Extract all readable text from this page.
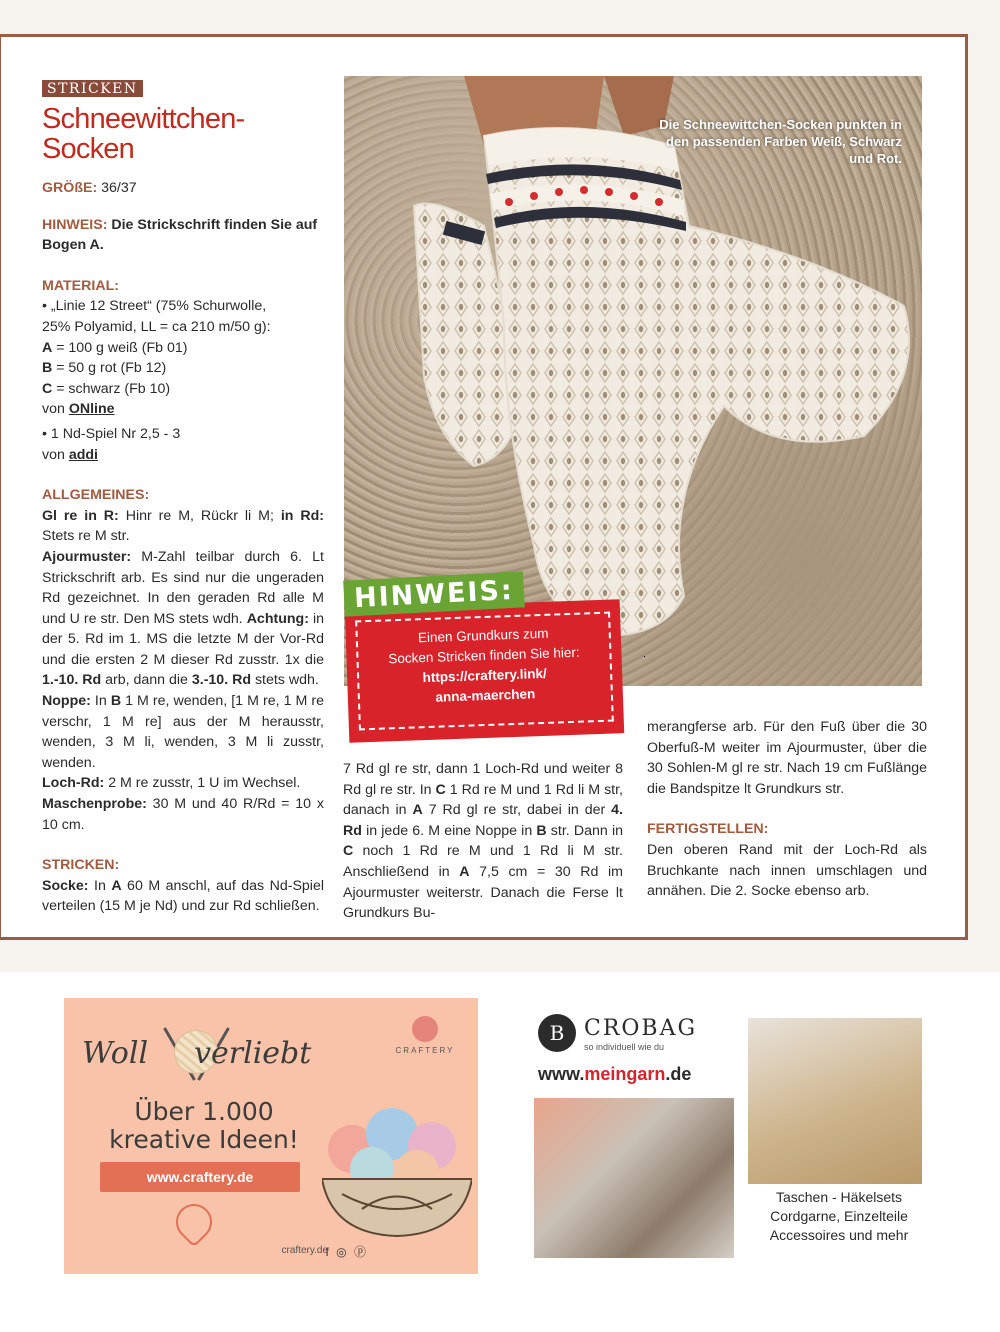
STRICKEN
Schneewittchen-
Socken

GRÖßE: 36/37

HINWEIS: Die Strickschrift finden Sie auf
Bogen A.

MATERIAL:

• „Linie 12 Street“ (75% Schurwolle,

25% Polyamid, LL = ca 210 m/50 g):

A = 100 g weiß (Fb 01)

B = 50 g rot (Fb 12)

C = schwarz (Fb 10)

von ONline

• 1 Nd-Spiel Nr 2,5 - 3

von addi

ALLGEMEINES:

Gl re in R: Hinr re M, Rückr li M; in Rd: Stets re M str.

Ajourmuster: M-Zahl teilbar durch 6. Lt Strickschrift arb. Es sind nur die ungeraden Rd gezeichnet. In den geraden Rd alle M und U re str. Den MS stets wdh. Achtung: in der 5. Rd im 1. MS die letzte M der Vor-Rd und die ersten 2 M dieser Rd zusstr. 1x die 1.-10. Rd arb, dann die 3.-10. Rd stets wdh.

Noppe: In B 1 M re, wenden, [1 M re, 1 M re verschr, 1 M re] aus der M herausstr, wenden, 3 M li, wenden, 3 M li zusstr, wenden.

Loch-Rd: 2 M re zusstr, 1 U im Wechsel.

Maschenprobe: 30 M und 40 R/Rd = 10 x 10 cm.

STRICKEN:

Socke: In A 60 M anschl, auf das Nd-Spiel verteilen (15 M je Nd) und zur Rd schließen.

Die Schneewittchen-Socken punkten in den passenden Farben Weiß, Schwarz und Rot.
HINWEIS:
Einen Grundkurs zum
Socken Stricken finden Sie hier:
https://craftery.link/
anna-maerchen

7 Rd gl re str, dann 1 Loch-Rd und weiter 8 Rd gl re str. In C 1 Rd re M und 1 Rd li M str, danach in A 7 Rd gl re str, dabei in der 4. Rd in jede 6. M eine Noppe in B str. Dann in C noch 1 Rd re M und 1 Rd li M str. Anschließend in A 7,5 cm = 30 Rd im Ajourmuster weiterstr. Danach die Ferse lt Grundkurs Bu-

merangferse arb. Für den Fuß über die 30 Oberfuß-M weiter im Ajourmuster, über die 30 Sohlen-M gl re str. Nach 19 cm Fußlänge die Bandspitze lt Grundkurs str.

FERTIGSTELLEN:

Den oberen Rand mit der Loch-Rd als Bruchkante nach innen umschlagen und annähen. Die 2. Socke ebenso arb.

Woll verliebt	CRAFTERY
Über 1.000
kreative Ideen!
www.craftery.de
craftery.de
f ◎ ⓟ
B CROBAG
so individuell wie du
www.meingarn.de
Taschen - Häkelsets
Cordgarne, Einzelteile
Accessoires und mehr
